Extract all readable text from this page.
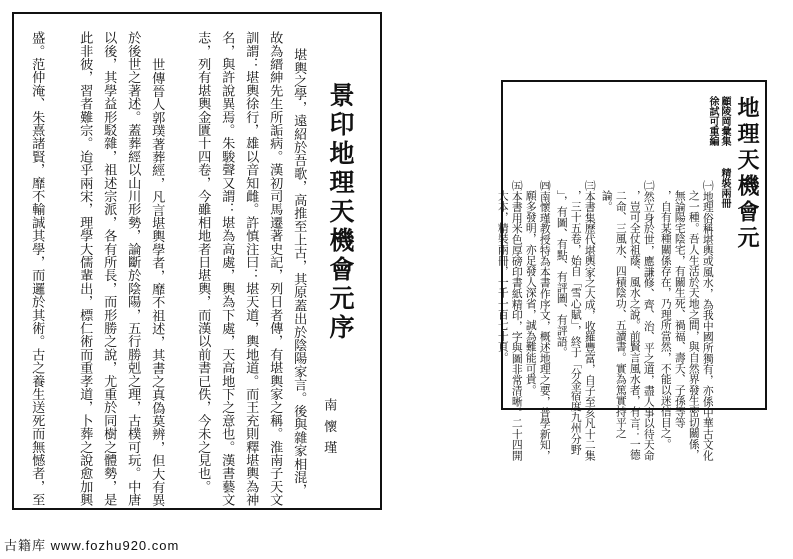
景印地理天機會元序
南懷瑾
堪輿之學，遠紹於吾歌，高推至上古，其原蓋出於陰陽家言。後與雜家相混，
故為縉紳先生所詬病。漢初司馬遷著史記，列日者傳，有堪輿家之稱。淮南子天文
訓謂：堪輿徐行，雄以音知雌。許慎注曰：堪天道，輿地道。而王充則釋堪輿為神
名，與許說異焉。朱駿聲又謂：堪為高處，輿為下處，天高地下之意也。漢書藝文
志，列有堪輿金匱十四卷，今雖相地者日堪輿，而漢以前書已佚，今未之見也。
世傳晉人郭璞著葬經，凡言堪輿學者，靡不祖述，其書之真偽莫辨，但大有異
於後世之著述。蓋葬經以山川形勢，論斷於陰陽，五行勝剋之理，古樸可玩。中唐
以後，其學益形駁雜，祖述宗派，各有所長，而形勝之說，尤重於同樹之體勢，是
此非彼，習者難宗。迨乎兩宋，理學大儒輩出，標仁術而重孝道，卜葬之說愈加興
盛。范仲淹、朱熹諸賢，靡不輸誠其學，而邏於其術。古之養生送死而無憾者，至	地理天機會元
顧陵岡彙集
徐試可重編
精裝兩冊
㈠地理俗稱堪輿或風水，為我中國所獨有，亦係中華古文化
之一種。吾人生活於天地之間，與自然界發生密切關係，
無論陽宅陰宅，有關生死、禍福、壽夭、子孫等等
，自有某種關係存在，乃理所當然，不能以迷信目之。
㈡然立身於世，應謙修、齊、治、平之道，盡人事以待天命
，豈可全仗祖蔭、風水之說。前賢言風水者，有言：一德
二命、三風水、四積陰功、五讀書。實為篤實持平之
論。
㈢本書集歷代堪輿家之大成，收羅豐富，自子至亥凡十二集
，三十五卷，始自「雪心賦」，終于「分金宿度九州分野
」，有圖、有點、有評圖、有評語。
㈣南懷瑾教授特為本書作序文，概述地理之要，普學新知，
願多發明，亦足發人深省，誠為難能可貴。
㈤本書用米色厚磅印書紙精印，字與圖非常清晰。二十四開
大本，精裝兩冊，一千一百七十頁。
古籍库 www.fozhu920.com
